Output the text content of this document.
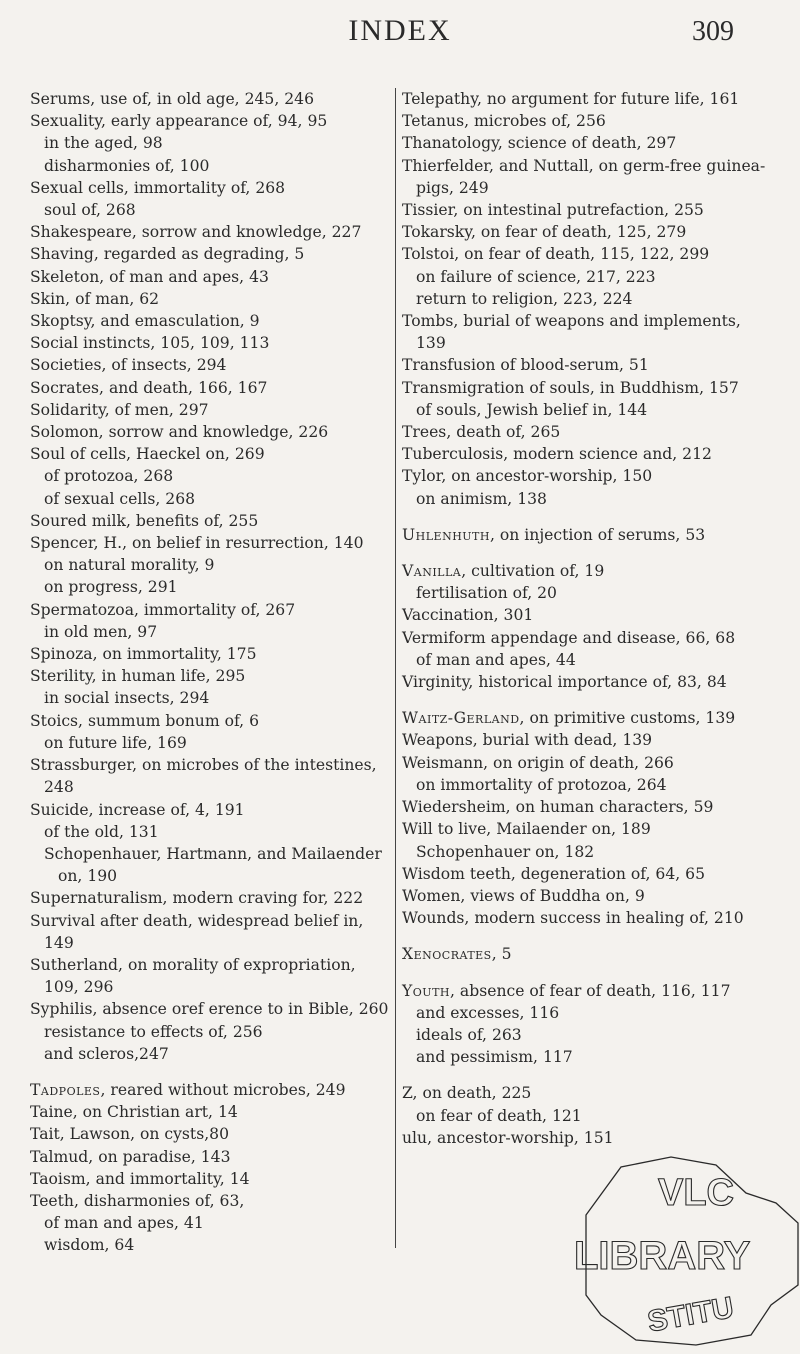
INDEX	309

Serums, use of, in old age, 245, 246

Sexuality, early appearance of, 94, 95

in the aged, 98

disharmonies of, 100

Sexual cells, immortality of, 268

soul of, 268

Shakespeare, sorrow and knowledge, 227

Shaving, regarded as degrading, 5

Skeleton, of man and apes, 43

Skin, of man, 62

Skoptsy, and emasculation, 9

Social instincts, 105, 109, 113

Societies, of insects, 294

Socrates, and death, 166, 167

Solidarity, of men, 297

Solomon, sorrow and knowledge, 226

Soul of cells, Haeckel on, 269

of protozoa, 268

of sexual cells, 268

Soured milk, benefits of, 255

Spencer, H., on belief in resurrection, 140

on natural morality, 9

on progress, 291

Spermatozoa, immortality of, 267

in old men, 97

Spinoza, on immortality, 175

Sterility, in human life, 295

in social insects, 294

Stoics, summum bonum of, 6

on future life, 169

Strassburger, on microbes of the intestines, 248

Suicide, increase of, 4, 191

of the old, 131

Schopenhauer, Hartmann, and Mailaender on, 190

Supernaturalism, modern craving for, 222

Survival after death, widespread belief in, 149

Sutherland, on morality of expropriation, 109, 296

Syphilis, absence oref erence to in Bible, 260

resistance to effects of, 256

and scleros,247

Tadpoles, reared without microbes, 249

Taine, on Christian art, 14

Tait, Lawson, on cysts,80

Talmud, on paradise, 143

Taoism, and immortality, 14

Teeth, disharmonies of, 63,

of man and apes, 41

wisdom, 64

Telepathy, no argument for future life, 161

Tetanus, microbes of, 256

Thanatology, science of death, 297

Thierfelder, and Nuttall, on germ-free guinea-pigs, 249

Tissier, on intestinal putrefaction, 255

Tokarsky, on fear of death, 125, 279

Tolstoi, on fear of death, 115, 122, 299

on failure of science, 217, 223

return to religion, 223, 224

Tombs, burial of weapons and implements, 139

Transfusion of blood-serum, 51

Transmigration of souls, in Buddhism, 157

of souls, Jewish belief in, 144

Trees, death of, 265

Tuberculosis, modern science and, 212

Tylor, on ancestor-worship, 150

on animism, 138

Uhlenhuth, on injection of serums, 53

Vanilla, cultivation of, 19

fertilisation of, 20

Vaccination, 301

Vermiform appendage and disease, 66, 68

of man and apes, 44

Virginity, historical importance of, 83, 84

Waitz-Gerland, on primitive customs, 139

Weapons, burial with dead, 139

Weismann, on origin of death, 266

on immortality of protozoa, 264

Wiedersheim, on human characters, 59

Will to live, Mailaender on, 189

Schopenhauer on, 182

Wisdom teeth, degeneration of, 64, 65

Women, views of Buddha on, 9

Wounds, modern success in healing of, 210

Xenocrates, 5

Youth, absence of fear of death, 116, 117

and excesses, 116

ideals of, 263

and pessimism, 117

Z, on death, 225

on fear of death, 121

ulu, ancestor-worship, 151

VLC
LIBRARY
STITU
